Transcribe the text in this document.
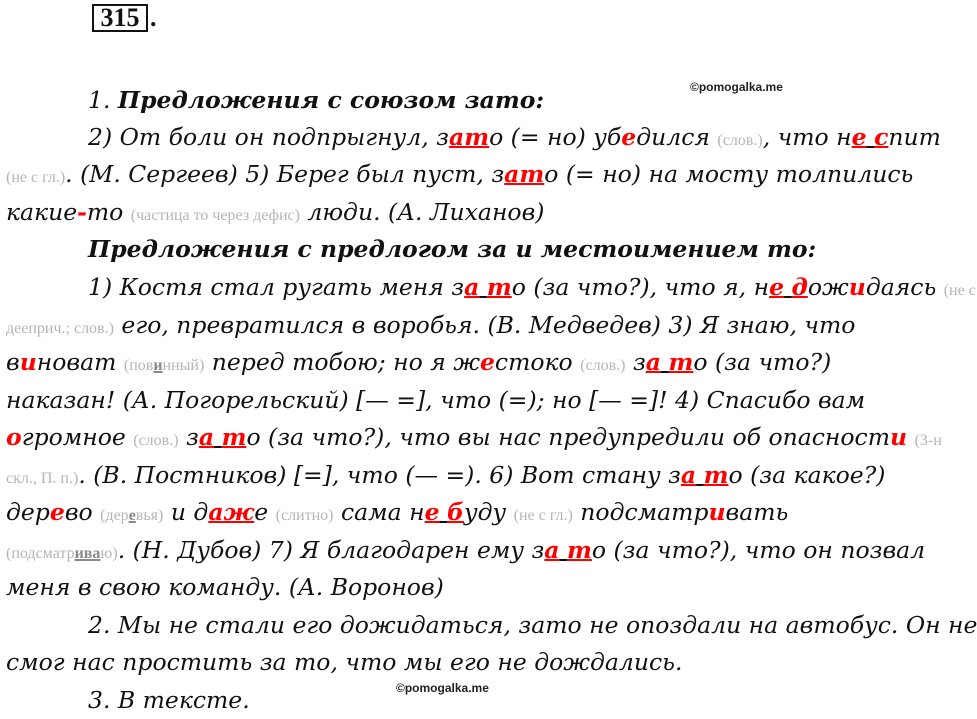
315 .
©pomogalka.me
©pomogalka.me
1. Предложения с союзом зато:
2) От боли он подпрыгнул, зато (= но) убедился (слов.), что не спит
(не с гл.). (М. Сергеев) 5) Берег был пуст, зато (= но) на мосту толпились
какие-то (частица то через дефис) люди. (А. Лиханов)
Предложения с предлогом за и местоимением то:
1) Костя стал ругать меня за то (за что?), что я, не дожидаясь (не с
дееприч.; слов.) его, превратился в воробья. (В. Медведев) 3) Я знаю, что
виноват (повинный) перед тобою; но я жестоко (слов.) за то (за что?)
наказан! (А. Погорельский) [— =], что (=); но [— =]! 4) Спасибо вам
огромное (слов.) за то (за что?), что вы нас предупредили об опасности (3-н
скл., П. п.). (В. Постников) [=], что (— =). 6) Вот стану за то (за какое?)
дерево (деревья) и даже (слитно) сама не буду (не с гл.) подсматривать
(подсматриваю). (Н. Дубов) 7) Я благодарен ему за то (за что?), что он позвал
меня в свою команду. (А. Воронов)
2. Мы не стали его дожидаться, зато не опоздали на автобус. Он не
смог нас простить за то, что мы его не дождались.
3. В тексте.
